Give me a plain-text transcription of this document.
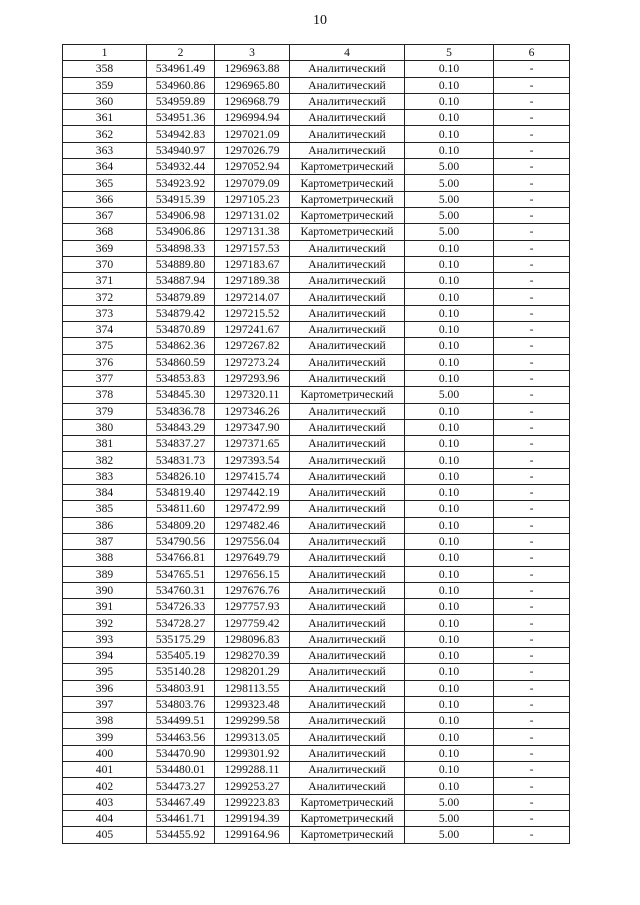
10
1	2	3	4	5	6
358	534961.49	1296963.88	Аналитический	0.10	-
359	534960.86	1296965.80	Аналитический	0.10	-
360	534959.89	1296968.79	Аналитический	0.10	-
361	534951.36	1296994.94	Аналитический	0.10	-
362	534942.83	1297021.09	Аналитический	0.10	-
363	534940.97	1297026.79	Аналитический	0.10	-
364	534932.44	1297052.94	Картометрический	5.00	-
365	534923.92	1297079.09	Картометрический	5.00	-
366	534915.39	1297105.23	Картометрический	5.00	-
367	534906.98	1297131.02	Картометрический	5.00	-
368	534906.86	1297131.38	Картометрический	5.00	-
369	534898.33	1297157.53	Аналитический	0.10	-
370	534889.80	1297183.67	Аналитический	0.10	-
371	534887.94	1297189.38	Аналитический	0.10	-
372	534879.89	1297214.07	Аналитический	0.10	-
373	534879.42	1297215.52	Аналитический	0.10	-
374	534870.89	1297241.67	Аналитический	0.10	-
375	534862.36	1297267.82	Аналитический	0.10	-
376	534860.59	1297273.24	Аналитический	0.10	-
377	534853.83	1297293.96	Аналитический	0.10	-
378	534845.30	1297320.11	Картометрический	5.00	-
379	534836.78	1297346.26	Аналитический	0.10	-
380	534843.29	1297347.90	Аналитический	0.10	-
381	534837.27	1297371.65	Аналитический	0.10	-
382	534831.73	1297393.54	Аналитический	0.10	-
383	534826.10	1297415.74	Аналитический	0.10	-
384	534819.40	1297442.19	Аналитический	0.10	-
385	534811.60	1297472.99	Аналитический	0.10	-
386	534809.20	1297482.46	Аналитический	0.10	-
387	534790.56	1297556.04	Аналитический	0.10	-
388	534766.81	1297649.79	Аналитический	0.10	-
389	534765.51	1297656.15	Аналитический	0.10	-
390	534760.31	1297676.76	Аналитический	0.10	-
391	534726.33	1297757.93	Аналитический	0.10	-
392	534728.27	1297759.42	Аналитический	0.10	-
393	535175.29	1298096.83	Аналитический	0.10	-
394	535405.19	1298270.39	Аналитический	0.10	-
395	535140.28	1298201.29	Аналитический	0.10	-
396	534803.91	1298113.55	Аналитический	0.10	-
397	534803.76	1299323.48	Аналитический	0.10	-
398	534499.51	1299299.58	Аналитический	0.10	-
399	534463.56	1299313.05	Аналитический	0.10	-
400	534470.90	1299301.92	Аналитический	0.10	-
401	534480.01	1299288.11	Аналитический	0.10	-
402	534473.27	1299253.27	Аналитический	0.10	-
403	534467.49	1299223.83	Картометрический	5.00	-
404	534461.71	1299194.39	Картометрический	5.00	-
405	534455.92	1299164.96	Картометрический	5.00	-
